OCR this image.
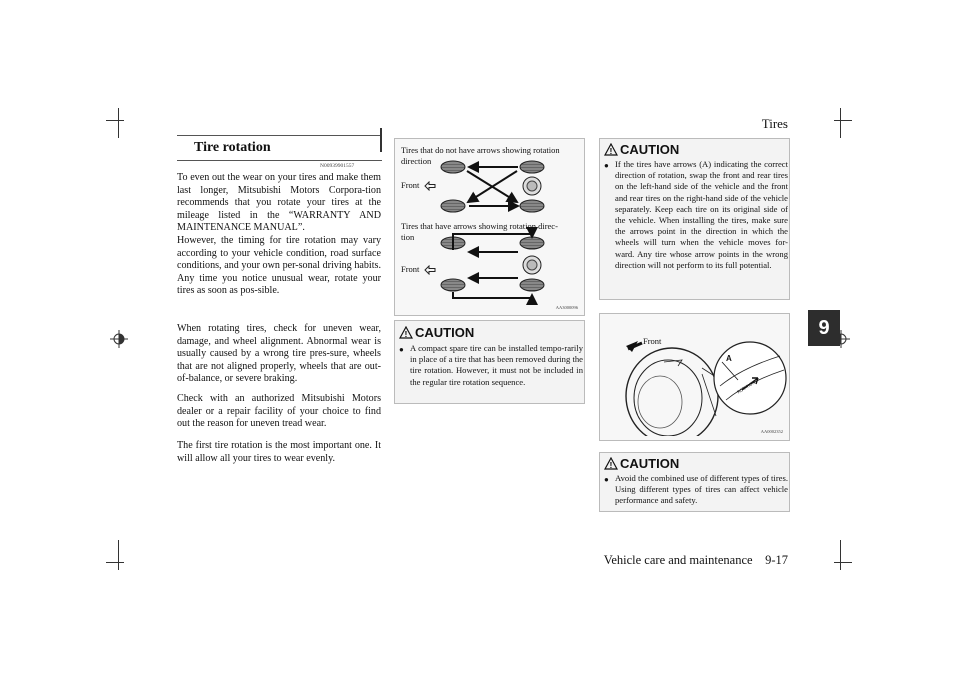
Tires
Vehicle care and maintenance    9-17
9
Tire rotation
N00939901557
To even out the wear on your tires and make them last longer, Mitsubishi Motors Corpora-tion recommends that you rotate your tires at the mileage listed in the “WARRANTY AND MAINTENANCE MANUAL”.
However, the timing for tire rotation may vary according to your vehicle condition, road surface conditions, and your own per-sonal driving habits. Any time you notice unusual wear, rotate your tires as soon as pos-sible.
When rotating tires, check for uneven wear, damage, and wheel alignment. Abnormal wear is usually caused by a wrong tire pres-sure, wheels that are not aligned properly, wheels that are out-of-balance, or severe braking.
Check with an authorized Mitsubishi Motors dealer or a repair facility of your choice to find out the reason for uneven tread wear.
The first tire rotation is the most important one. It will allow all your tires to wear evenly.
Tires that do not have arrows showing rotation direction
Front
Tires that have arrows showing rotation direc-tion
Front
AA3000096
! CAUTION
● A compact spare tire can be installed tempo-rarily in place of a tire that has been removed during the tire rotation. However, it must not be included in the regular tire rotation sequence.
! CAUTION
● If the tires have arrows (A) indicating the correct direction of rotation, swap the front and rear tires on the left-hand side of the vehicle and the front and rear tires on the right-hand side of the vehicle separately. Keep each tire on its original side of the vehicle. When installing the tires, make sure the arrows point in the direction in which the wheels will turn when the vehicle moves for-ward. Any tire whose arrow points in the wrong direction will not perform to its full potential.
Front
ROTATION
A
AA0002352
! CAUTION
● Avoid the combined use of different types of tires. Using different types of tires can affect vehicle performance and safety.
